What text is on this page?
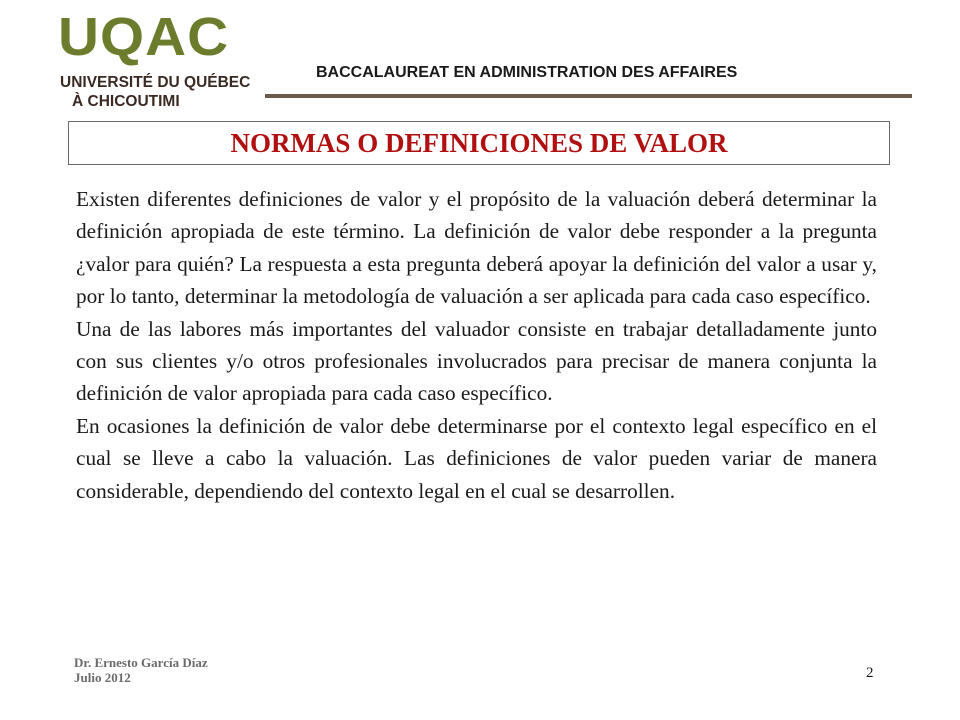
UQAC
UNIVERSITÉ DU QUÉBEC
À CHICOUTIMI
BACCALAUREAT EN ADMINISTRATION DES AFFAIRES
NORMAS O DEFINICIONES DE VALOR

Existen diferentes definiciones de valor y el propósito de la valuación deberá determinar la definición apropiada de este término. La definición de valor debe responder a la pregunta ¿valor para quién? La respuesta a esta pregunta deberá apoyar la definición del valor a usar y, por lo tanto, determinar la metodología de valuación a ser aplicada para cada caso específico.

Una de las labores más importantes del valuador consiste en trabajar detalladamente junto con sus clientes y/o otros profesionales involucrados para precisar de manera conjunta la definición de valor apropiada para cada caso específico.

En ocasiones la definición de valor debe determinarse por el contexto legal específico en el cual se lleve a cabo la valuación. Las definiciones de valor pueden variar de manera considerable, dependiendo del contexto legal en el cual se desarrollen.

Dr. Ernesto García Díaz
Julio 2012	2
